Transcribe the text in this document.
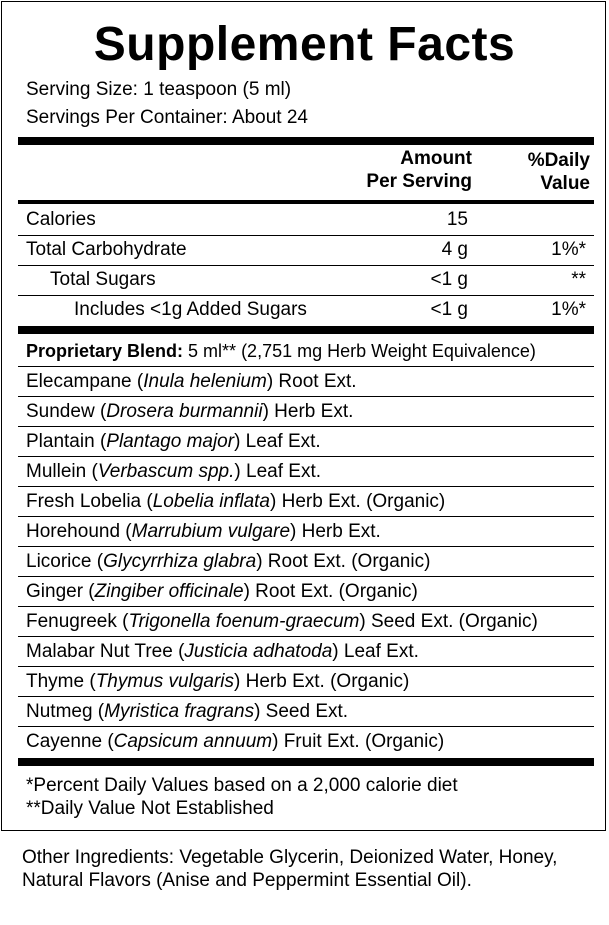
Supplement Facts
Serving Size: 1 teaspoon (5 ml)
Servings Per Container: About 24
Amount
Per Serving
%Daily
Value
Calories	15
Total Carbohydrate	4 g	1%*
Total Sugars	<1 g	**
Includes <1g Added Sugars	<1 g	1%*
Proprietary Blend: 5 ml** (2,751 mg Herb Weight Equivalence)
Elecampane (Inula helenium) Root Ext.
Sundew (Drosera burmannii) Herb Ext.
Plantain (Plantago major) Leaf Ext.
Mullein (Verbascum spp.) Leaf Ext.
Fresh Lobelia (Lobelia inflata) Herb Ext. (Organic)
Horehound (Marrubium vulgare) Herb Ext.
Licorice (Glycyrrhiza glabra) Root Ext. (Organic)
Ginger (Zingiber officinale) Root Ext. (Organic)
Fenugreek (Trigonella foenum-graecum) Seed Ext. (Organic)
Malabar Nut Tree (Justicia adhatoda) Leaf Ext.
Thyme (Thymus vulgaris) Herb Ext. (Organic)
Nutmeg (Myristica fragrans) Seed Ext.
Cayenne (Capsicum annuum) Fruit Ext. (Organic)
*Percent Daily Values based on a 2,000 calorie diet
**Daily Value Not Established
Other Ingredients: Vegetable Glycerin, Deionized Water, Honey, Natural Flavors (Anise and Peppermint Essential Oil).
